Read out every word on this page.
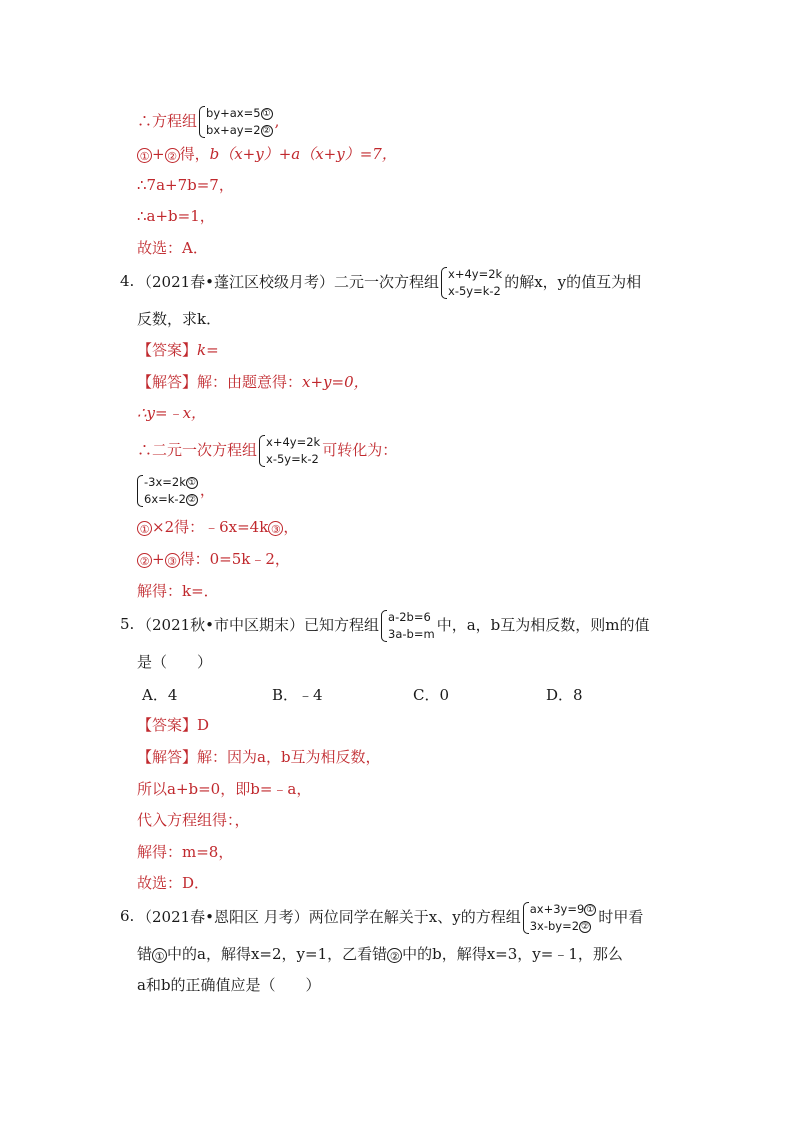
∴方程组 by+ax=5 ①
bx+ay=2 ②
,
① + ② 得，b（x+y）+a（x+y）=7，
∴7a+7b=7，
∴a+b=1，
故选：A．
4. （2021春•蓬江区校级月考）二元一次方程组 x+4y=2k
x-5y=k-2 的解x，y的值互为相
反数，求k．
【答案】k=
【解答】解：由题意得：x+y=0，
∴y=﹣x，
∴二元一次方程组 x+4y=2k
x-5y=k-2 可转化为：
-3x=2k ①
6x=k-2 ②
，
① ×2得：﹣6x=4k ③ ，
② + ③ 得：0=5k﹣2，
解得：k=．
5. （2021秋•市中区期末）已知方程组 a-2b=6
3a-b=m 中，a，b互为相反数，则m的值
是（　　）
A．4	B．﹣4	C．0	D．8
【答案】D
【解答】解：因为a，b互为相反数，
所以a+b=0，即b=﹣a，
代入方程组得：，
解得：m=8，
故选：D．
6. （2021春•恩阳区 月考）两位同学在解关于x、y的方程组 ax+3y=9 ①
3x-by=2 ②
时甲看
错 ① 中的a，解得x=2，y=1，乙看错 ② 中的b，解得x=3，y=﹣1，那么
a和b的正确值应是（　　）
